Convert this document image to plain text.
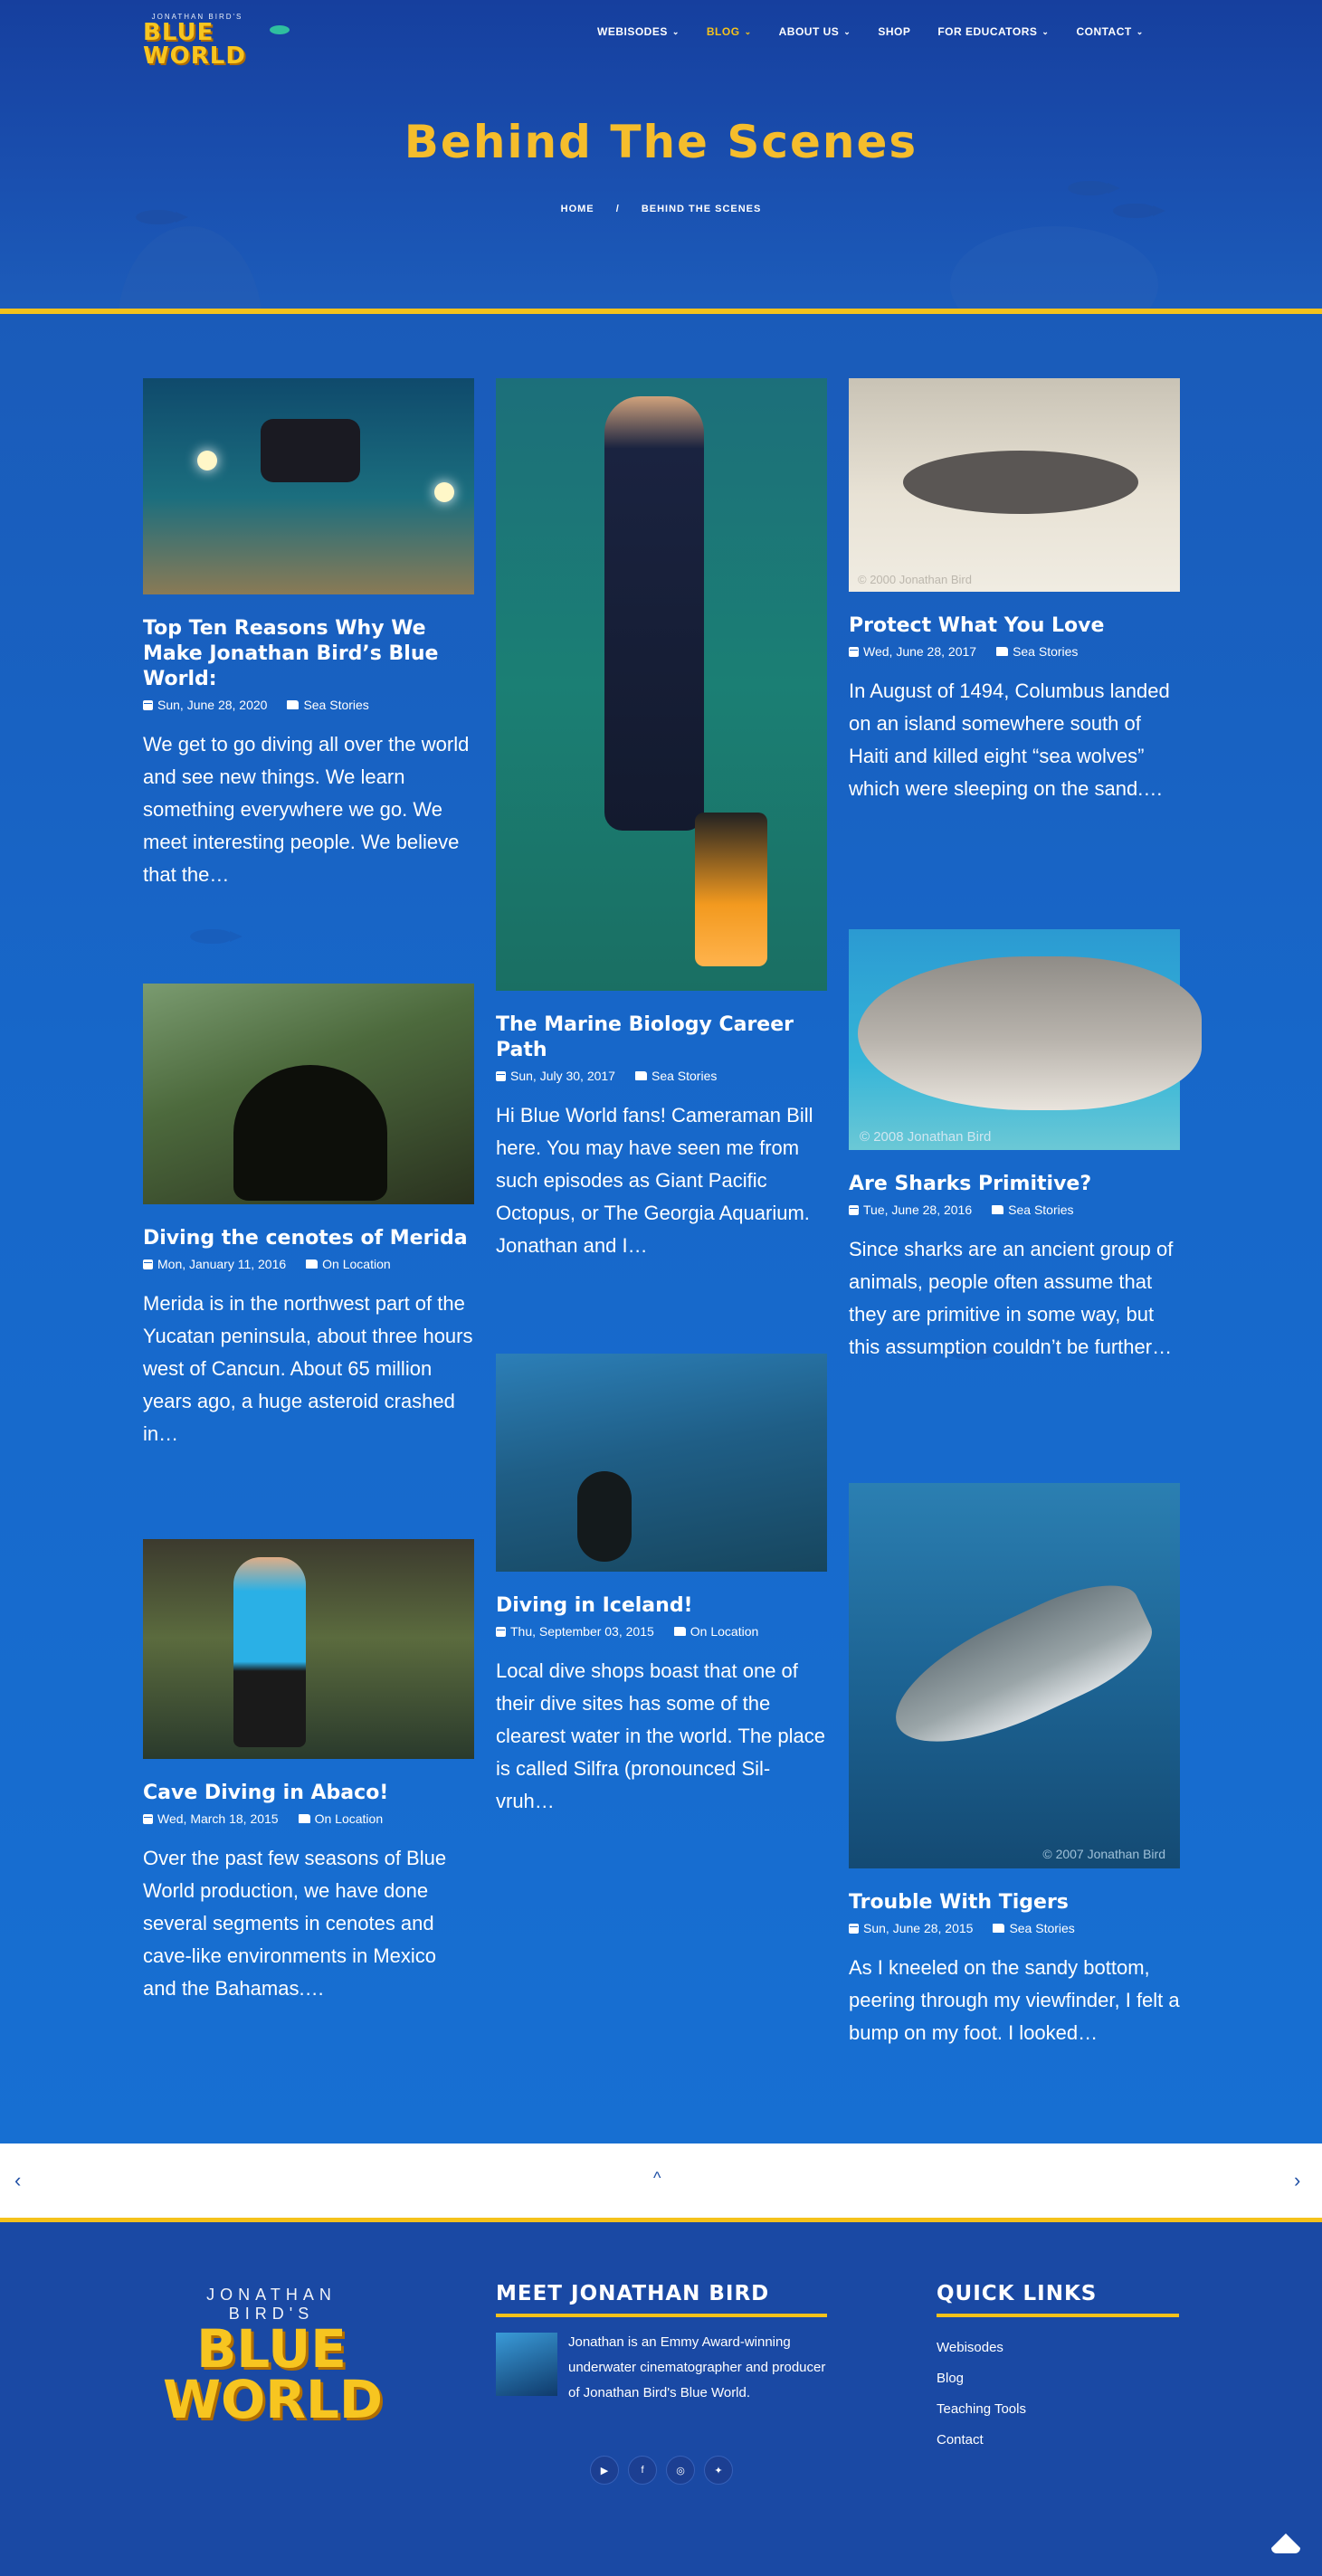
JONATHAN BIRD'S
BLUE WORLD
WEBISODES ⌄	BLOG ⌄	ABOUT US ⌄	SHOP	FOR EDUCATORS ⌄	CONTACT ⌄
Behind The Scenes
HOME / BEHIND THE SCENES
Top Ten Reasons Why We Make Jonathan Bird’s Blue World:
Sun, June 28, 2020	Sea Stories

We get to go diving all over the world and see new things. We learn something everywhere we go. We meet interesting people. We believe that the…

The Marine Biology Career Path
Sun, July 30, 2017	Sea Stories

Hi Blue World fans! Cameraman Bill here. You may have seen me from such episodes as Giant Pacific Octopus, or The Georgia Aquarium. Jonathan and I…

© 2000 Jonathan Bird
Protect What You Love
Wed, June 28, 2017	Sea Stories

In August of 1494, Columbus landed on an island somewhere south of Haiti and killed eight “sea wolves” which were sleeping on the sand.…

Diving the cenotes of Merida
Mon, January 11, 2016	On Location

Merida is in the northwest part of the Yucatan peninsula, about three hours west of Cancun. About 65 million years ago, a huge asteroid crashed in…

© 2008 Jonathan Bird
Are Sharks Primitive?
Tue, June 28, 2016	Sea Stories

Since sharks are an ancient group of animals, people often assume that they are primitive in some way, but this assumption couldn’t be further…

Diving in Iceland!
Thu, September 03, 2015	On Location

Local dive shops boast that one of their dive sites has some of the clearest water in the world. The place is called Silfra (pronounced Sil-vruh…

Cave Diving in Abaco!
Wed, March 18, 2015	On Location

Over the past few seasons of Blue World production, we have done several segments in cenotes and cave-like environments in Mexico and the Bahamas.…

© 2007 Jonathan Bird
Trouble With Tigers
Sun, June 28, 2015	Sea Stories

As I kneeled on the sandy bottom, peering through my viewfinder, I felt a bump on my foot. I looked…

‹	^	›
JONATHAN BIRD'S
BLUE
WORLD
MEET JONATHAN BIRD
Jonathan is an Emmy Award-winning underwater cinematographer and producer of Jonathan Bird's Blue World.
▶	f	◎	✦
QUICK LINKS
Webisodes
Blog
Teaching Tools
Contact
